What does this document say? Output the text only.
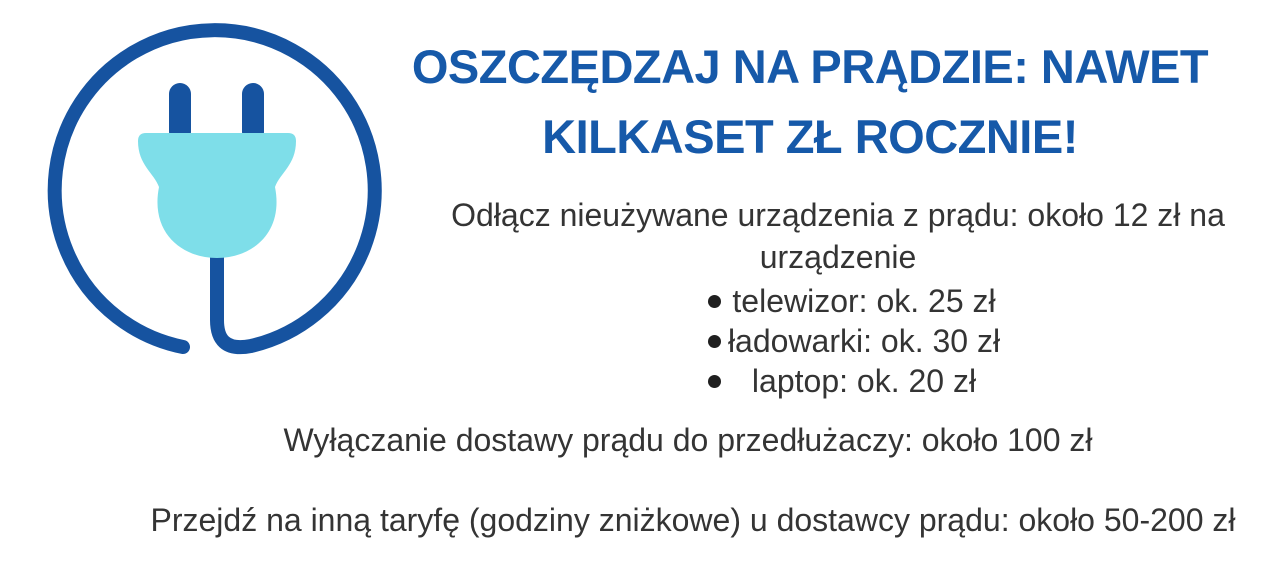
OSZCZĘDZAJ NA PRĄDZIE: NAWET
KILKASET ZŁ ROCZNIE!
Odłącz nieużywane urządzenia z prądu: około 12 zł na urządzenie
telewizor: ok. 25 zł
ładowarki: ok. 30 zł
laptop: ok. 20 zł
Wyłączanie dostawy prądu do przedłużaczy: około 100 zł
Przejdź na inną taryfę (godziny zniżkowe) u dostawcy prądu: około 50-200 zł
